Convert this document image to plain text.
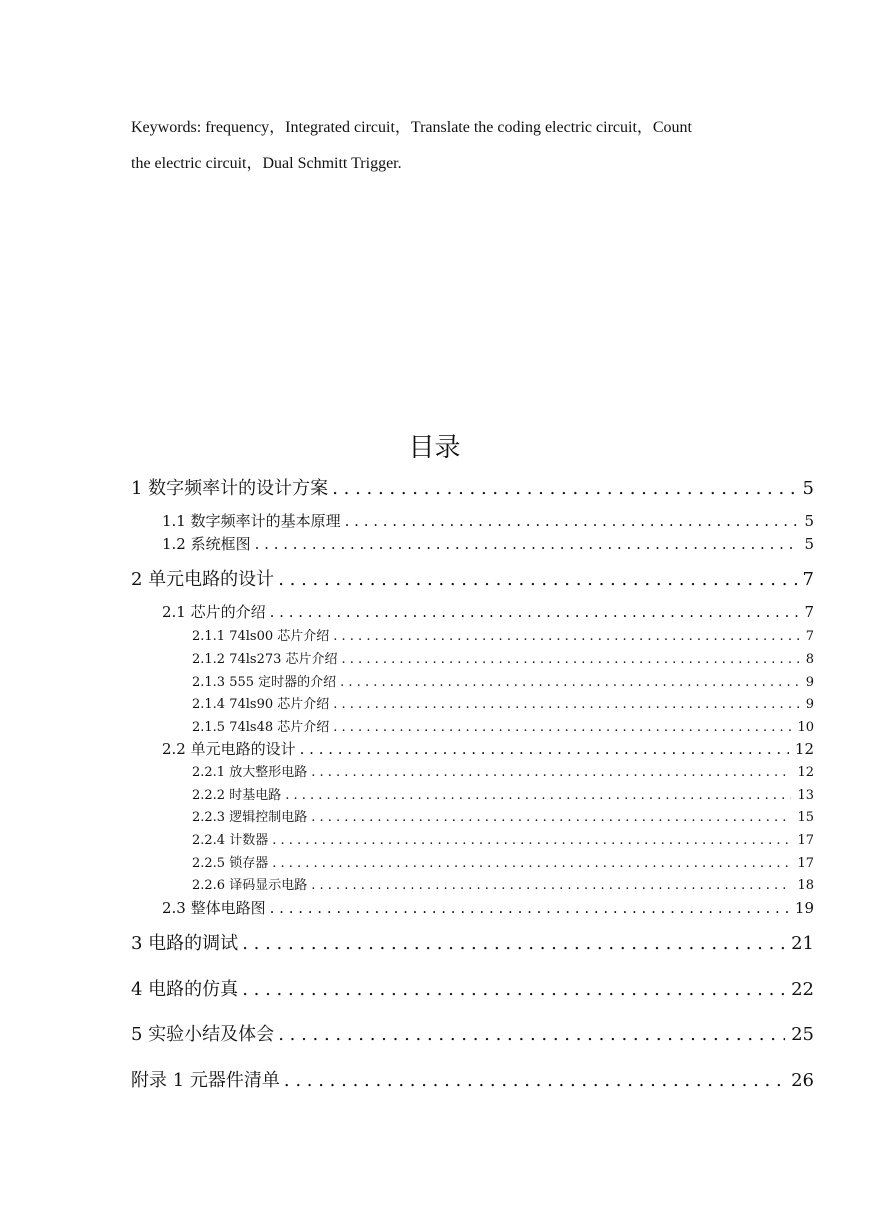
Keywords: frequency，Integrated circuit，Translate the coding electric circuit，Count
the electric circuit，Dual Schmitt Trigger.
目录
1 数字频率计的设计方案 . . .	5
1.1 数字频率计的基本原理 . . .	5
1.2 系统框图 . . .	5
2 单元电路的设计 . . .	7
2.1 芯片的介绍 . . .	7
2.1.1 74ls00 芯片介绍 . . .	7
2.1.2 74ls273 芯片介绍 . . .	8
2.1.3 555 定时器的介绍 . . .	9
2.1.4 74ls90 芯片介绍 . . .	9
2.1.5 74ls48 芯片介绍 . . .	10
2.2 单元电路的设计 . . .	12
2.2.1 放大整形电路 . . .	12
2.2.2 时基电路 . . .	13
2.2.3 逻辑控制电路 . . .	15
2.2.4 计数器 . . .	17
2.2.5 锁存器 . . .	17
2.2.6 译码显示电路 . . .	18
2.3 整体电路图 . . .	19
3 电路的调试 . . .	21
4 电路的仿真 . . .	22
5 实验小结及体会 . . .	25
附录 1 元器件清单 . . .	26
